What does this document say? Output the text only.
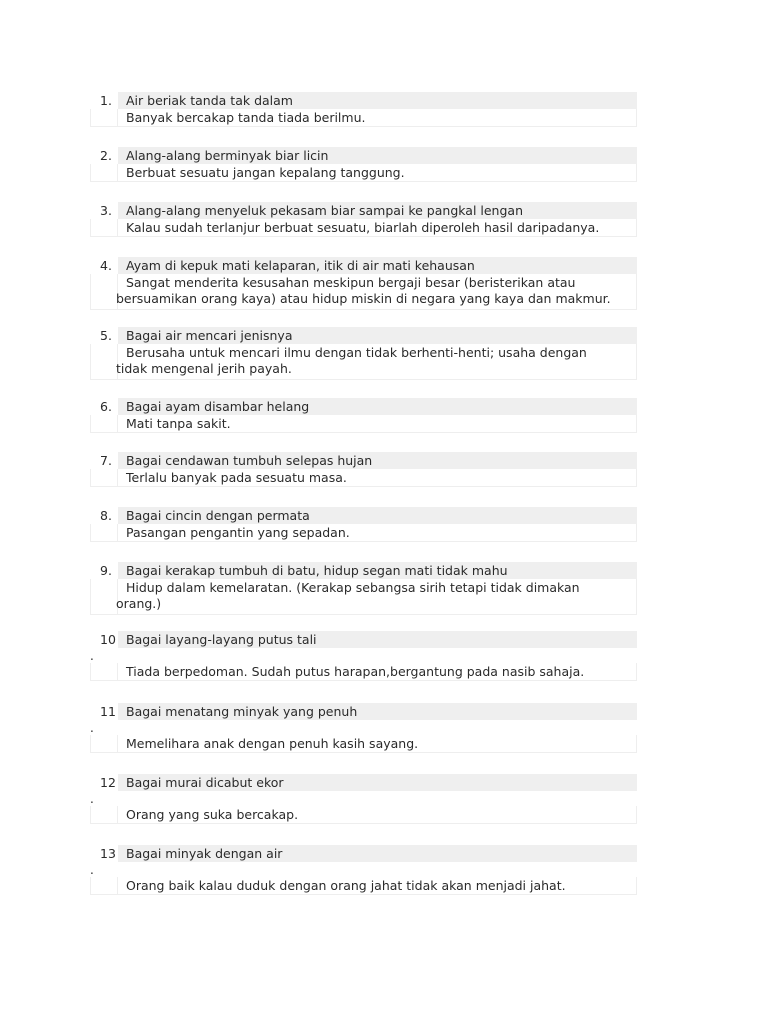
1. Air beriak tanda tak dalam
Banyak bercakap tanda tiada berilmu.
2. Alang-alang berminyak biar licin
Berbuat sesuatu jangan kepalang tanggung.
3. Alang-alang menyeluk pekasam biar sampai ke pangkal lengan
Kalau sudah terlanjur berbuat sesuatu, biarlah diperoleh hasil daripadanya.
4. Ayam di kepuk mati kelaparan, itik di air mati kehausan
Sangat menderita kesusahan meskipun bergaji besar (beristerikan atau
bersuamikan orang kaya) atau hidup miskin di negara yang kaya dan makmur.
5. Bagai air mencari jenisnya
Berusaha untuk mencari ilmu dengan tidak berhenti-henti; usaha dengan
tidak mengenal jerih payah.
6. Bagai ayam disambar helang
Mati tanpa sakit.
7. Bagai cendawan tumbuh selepas hujan
Terlalu banyak pada sesuatu masa.
8. Bagai cincin dengan permata
Pasangan pengantin yang sepadan.
9. Bagai kerakap tumbuh di batu, hidup segan mati tidak mahu
Hidup dalam kemelaratan. (Kerakap sebangsa sirih tetapi tidak dimakan
orang.)
10 Bagai layang-layang putus tali
.
Tiada berpedoman. Sudah putus harapan,bergantung pada nasib sahaja.
11 Bagai menatang minyak yang penuh
.
Memelihara anak dengan penuh kasih sayang.
12 Bagai murai dicabut ekor
.
Orang yang suka bercakap.
13 Bagai minyak dengan air
.
Orang baik kalau duduk dengan orang jahat tidak akan menjadi jahat.
